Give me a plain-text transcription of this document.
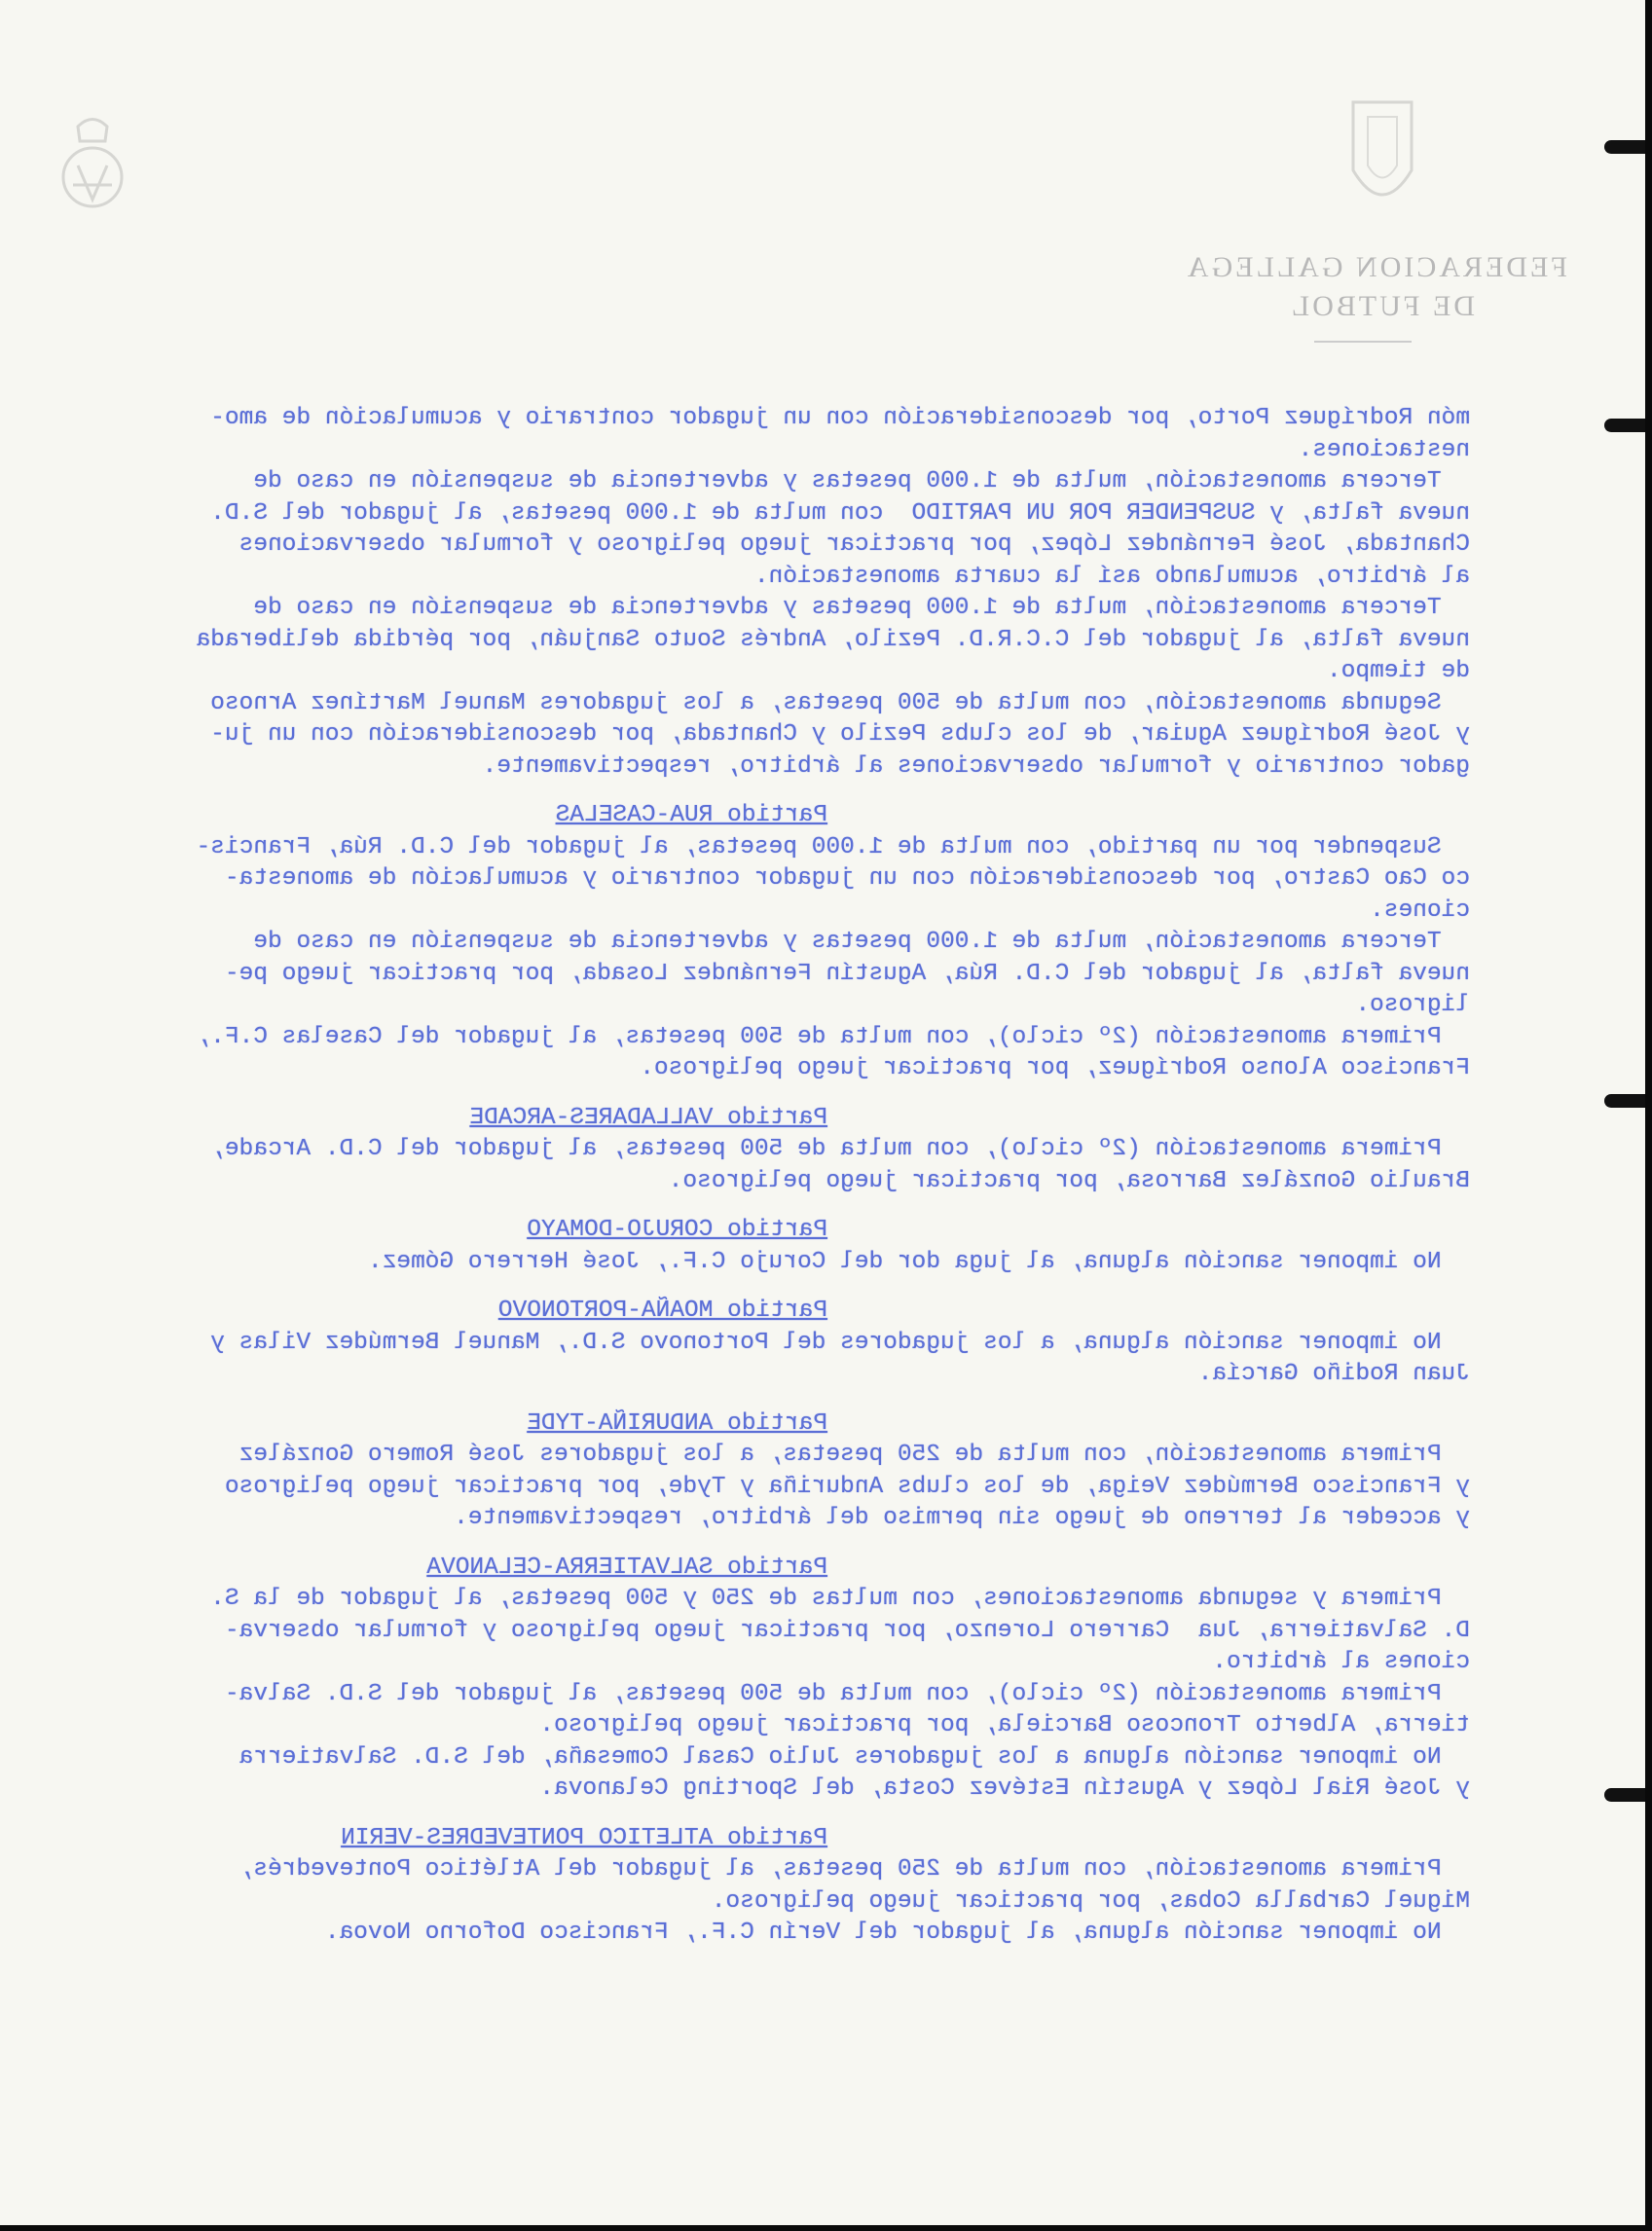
FEDERACION GALLEGA
DE FUTBOL
món Rodríguez Porto, por desconsideración con un jugador contrario y acumulación de amo-
nestaciones.
Tercera amonestación, multa de 1.000 pesetas y advertencia de suspensión en caso de
nueva falta, y SUSPENDER POR UN PARTIDO  con multa de 1.000 pesetas, al jugador del S.D.
Chantada, José Fernández López, por practicar juego peligroso y formular observaciones
al árbitro, acumulando así la cuarta amonestación.
Tercera amonestación, multa de 1.000 pesetas y advertencia de suspensión en caso de
nueva falta, al jugador del C.C.R.D. Pezilo, Andrés Souto Sanjuán, por pérdida deliberada
de tiempo.
Segunda amonestación, con multa de 500 pesetas, a los jugadores Manuel Martínez Arnoso
y José Rodríguez Aguiar, de los clubs Pezilo y Chantada, por desconsideración con un ju-
gador contrario y formular observaciones al árbitro, respectivamente.
Partido RUA-CASELAS
Suspender por un partido, con multa de 1.000 pesetas, al jugador del C.D. Rúa, Francis-
co Cao Castro, por desconsideración con un jugador contrario y acumulación de amonesta-
ciones.
Tercera amonestación, multa de 1.000 pesetas y advertencia de suspensión en caso de
nueva falta, al jugador del C.D. Rúa, Agustín Fernández Losada, por practicar juego pe-
ligroso.
Primera amonestación (2º ciclo), con multa de 500 pesetas, al jugador del Caselas C.F.,
Francisco Alonso Rodríguez, por practicar juego peligroso.
Partido VALLADARES-ARCADE
Primera amonestación (2º ciclo), con multa de 500 pesetas, al jugador del C.D. Arcade,
Braulio González Barrosa, por practicar juego peligroso.
Partido CORUJO-DOMAYO
No imponer sanción alguna, al juga dor del Corujo C.F., José Herrero Gómez.
Partido MOAÑA-PORTONOVO
No imponer sanción alguna, a los jugadores del Portonovo S.D., Manuel Bermúdez Vilas y
Juan Rodiño García.
Partido ANDURIÑA-TYDE
Primera amonestación, con multa de 250 pesetas, a los jugadores José Romero González
y Francisco Bermúdez Veiga, de los clubs Anduriña y Tyde, por practicar juego peligroso
y acceder al terreno de juego sin permiso del árbitro, respectivamente.
Partido SALVATIERRA-CELANOVA
Primera y segunda amonestaciones, con multas de 250 y 500 pesetas, al jugador de la S.
D. Salvatierra, Jua  Carrero Lorenzo, por practicar juego peligroso y formular observa-
ciones al árbitro.
Primera amonestación (2º ciclo), con multa de 500 pesetas, al jugador del S.D. Salva-
tierra, Alberto Troncoso Barciela, por practicar juego peligroso.
No imponer sanción alguna a los jugadores Julio Casal Comesaña, del S.D. Salvatierra
y José Rial López y Agustín Estévez Costa, del Sporting Celanova.
Partido ATLETICO PONTEVEDRES-VERIN
Primera amonestación, con multa de 250 pesetas, al jugador del Atlético Pontevedrés,
Miguel Carballa Cobas, por practicar juego peligroso.
No imponer sanción alguna, al jugador del Verín C.F., Francisco Doforno Novoa.
